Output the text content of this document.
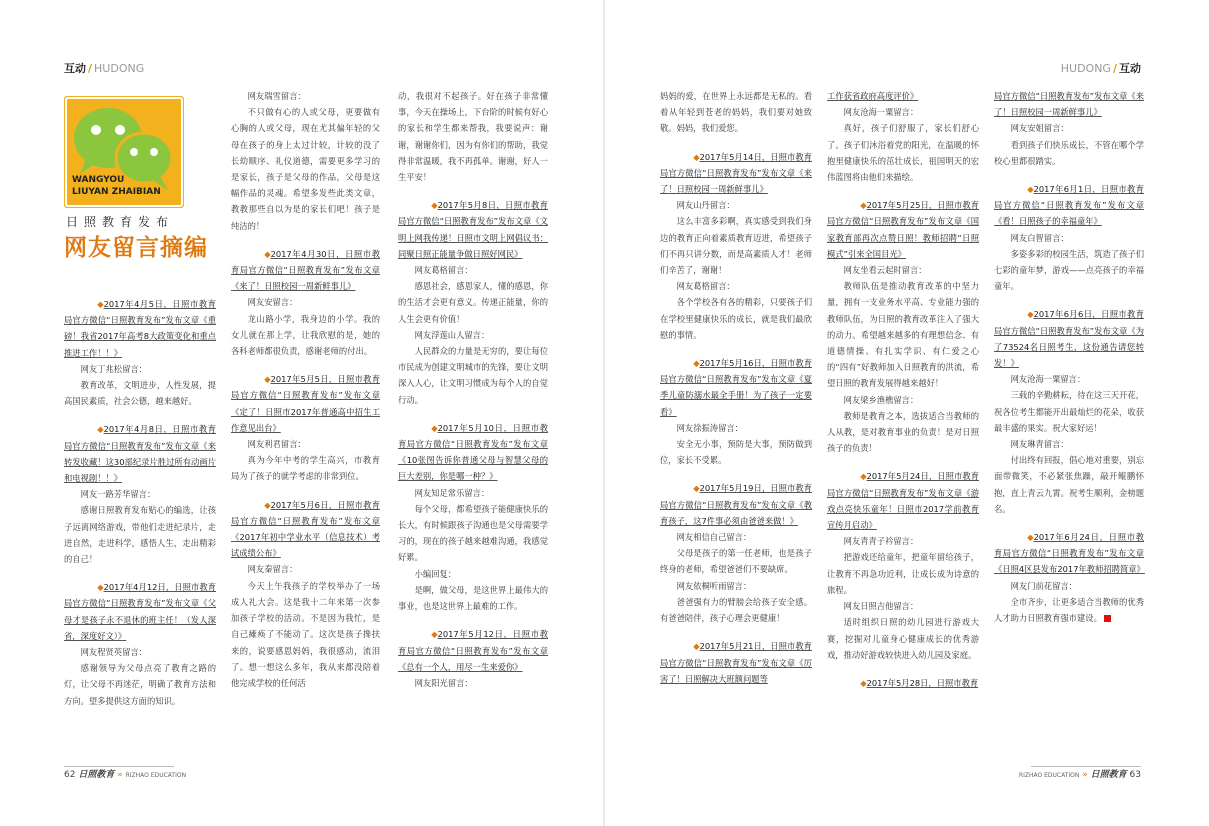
互动 / HUDONG	HUDONG / 互动
WANGYOU
LIUYAN ZHAIBIAN
日照教育发布
网友留言摘编

◆2017年4月5日，日照市教育局官方微信“日照教育发布”发布文章《重磅！我省2017年高考8大政策变化和重点推进工作！！》

网友丁兆松留言：

教育改革，文明进步，人性发展，提高国民素质，社会公德，越来越好。

◆2017年4月8日，日照市教育局官方微信“日照教育发布”发布文章《来转发收藏！这30部纪录片胜过所有动画片和电视剧！！》

网友一路芳华留言：

感谢日照教育发布贴心的编选，让孩子远离网络游戏，带他们走进纪录片，走进自然，走进科学，感悟人生，走出精彩的自己！

◆2017年4月12日，日照市教育局官方微信“日照教育发布”发布文章《父母才是孩子永不退休的班主任！（发人深省，深度好文）》

网友程贤英留言：

感谢领导为父母点亮了教育之路的灯，让父母不再迷茫，明确了教育方法和方向。望多提供这方面的知识。

网友瑞雪留言：

不只做有心的人或父母，更要做有心胸的人或父母，现在尤其偏年轻的父母在孩子的身上太过计较，计较的没了长幼顺序、礼仪道德，需要更多学习的是家长，孩子是父母的作品，父母是这幅作品的灵魂。希望多发些此类文章，教教那些自以为是的家长们吧！孩子是纯洁的！

◆2017年4月30日，日照市教育局官方微信“日照教育发布”发布文章《来了！日照校园一周新鲜事儿》

网友安留言：

龙山路小学，我身边的小学。我的女儿就在那上学，让我欣慰的是，她的各科老师都很负责，感谢老师的付出。

◆2017年5月5日，日照市教育局官方微信“日照教育发布”发布文章《定了！日照市2017年普通高中招生工作意见出台》

网友利君留言：

真为今年中考的学生高兴，市教育局为了孩子的就学考虑的非常到位。

◆2017年5月6日，日照市教育局官方微信“日照教育发布”发布文章《2017年初中学业水平（信息技术）考试成绩公布》

网友秦留言：

今天上午我孩子的学校举办了一场成人礼大会。这是我十二年来第一次参加孩子学校的活动。不是因为我忙，是自己瘫痪了不能动了。这次是孩子搀扶来的，说要感恩妈妈，我很感动，流泪了。想一想这么多年，我从来都没陪着他完成学校的任何活

动，我很对不起孩子。好在孩子非常懂事，今天在操场上，下台阶的时候有好心的家长和学生都来帮我，我要说声：谢谢，谢谢你们，因为有你们的帮助，我觉得非常温暖，我不再孤单。谢谢，好人一生平安！

◆2017年5月8日，日照市教育局官方微信“日照教育发布”发布文章《文明上网我传递！日照市文明上网倡议书：同聚日照正能量争做日照好网民》

网友葛格留言：

感恩社会，感恩家人，懂的感恩，你的生活才会更有意义。传递正能量，你的人生会更有价值！

网友浮莲山人留言：

人民群众的力量是无穷的，要让每位市民成为创建文明城市的先锋，要让文明深入人心，让文明习惯成为每个人的自觉行动。

◆2017年5月10日，日照市教育局官方微信“日照教育发布”发布文章《10张图告诉你普通父母与智慧父母的巨大差别，你是哪一种？》

网友知足常乐留言：

每个父母，都希望孩子能健康快乐的长大，有时候跟孩子沟通也是父母需要学习的，现在的孩子越来越难沟通，我感觉好累。

小编回复：

是啊，做父母，是这世界上最伟大的事业，也是这世界上最难的工作。

◆2017年5月12日，日照市教育局官方微信“日照教育发布”发布文章《总有一个人，用尽一生来爱你》

网友阳光留言：

妈妈的爱，在世界上永远都是无私的。看着从年轻到苍老的妈妈，我们要对她致敬。妈妈，我们爱您。

◆2017年5月14日，日照市教育局官方微信“日照教育发布”发布文章《来了！日照校园一周新鲜事儿》

网友山丹留言：

这么丰富多彩啊，真实感受到我们身边的教育正向着素质教育迈进，希望孩子们不再只讲分数，而是高素质人才！老师们辛苦了，谢谢！

网友葛格留言：

各个学校各有各的精彩，只要孩子们在学校里健康快乐的成长，就是我们最欣慰的事情。

◆2017年5月16日，日照市教育局官方微信“日照教育发布”发布文章《夏季儿童防溺水最全手册！为了孩子一定要看》

网友徐振涛留言：

安全无小事，预防是大事，预防做到位，家长不受累。

◆2017年5月19日，日照市教育局官方微信“日照教育发布”发布文章《教育孩子，这7件事必须由爸爸来做！》

网友相信自己留言：

父母是孩子的第一任老师，也是孩子终身的老师，希望爸爸们不要缺席。

网友依桐听雨留言：

爸爸强有力的臂膀会给孩子安全感。有爸爸陪伴，孩子心理会更健康！

◆2017年5月21日，日照市教育局官方微信“日照教育发布”发布文章《厉害了！日照解决大班额问题等

工作获省政府高度评价》

网友沧海一粟留言：

真好，孩子们舒服了，家长们舒心了。孩子们沐浴着党的阳光，在温暖的怀抱里健康快乐的茁壮成长，祖国明天的宏伟蓝图将由他们来描绘。

◆2017年5月25日，日照市教育局官方微信“日照教育发布”发布文章《国家教育部再次点赞日照！教师招聘“日照模式”引来全国目光》

网友坐看云起时留言：

教师队伍是推动教育改革的中坚力量，拥有一支业务水平高、专业能力强的教师队伍，为日照的教育改革注入了强大的动力。希望越来越多的有理想信念、有道德情操、有扎实学识、有仁爱之心的“四有”好教师加入日照教育的洪流，希望日照的教育发展得越来越好！

网友梁乡渔樵留言：

教师是教育之本，选拔适合当教师的人从教，是对教育事业的负责！是对日照孩子的负责！

◆2017年5月24日，日照市教育局官方微信“日照教育发布”发布文章《游戏点亮快乐童年！日照市2017学前教育宣传月启动》

网友青青子衿留言：

把游戏还给童年，把童年留给孩子，让教育不再急功近利，让成长成为诗意的旅程。

网友日照吉他留言：

适时组织日照的幼儿园进行游戏大赛，挖掘对儿童身心健康成长的优秀游戏，推动好游戏较快进入幼儿园及家庭。

◆2017年5月28日，日照市教育

局官方微信“日照教育发布”发布文章《来了！日照校园一周新鲜事儿》

网友安姐留言：

看到孩子们快乐成长，不管在哪个学校心里都很踏实。

◆2017年6月1日，日照市教育局官方微信“日照教育发布”发布文章《看！日照孩子的幸福童年》

网友白智留言：

多姿多彩的校园生活，筑造了孩子们七彩的童年梦，游戏——点亮孩子的幸福童年。

◆2017年6月6日，日照市教育局官方微信“日照教育发布”发布文章《为了73524名日照考生，这份通告请您转发！》

网友沧海一粟留言：

三载的辛勤耕耘，待在这三天开花，祝各位考生都能开出最灿烂的花朵，收获最丰盛的果实。祝大家好运！

网友琳青留言：

付出终有回报，倡心地对重要，别忘面带微笑，不必紧张焦躁，敲开鲲鹏怀抱，直上青云九霄。祝考生顺利，金榜题名。

◆2017年6月24日，日照市教育局官方微信“日照教育发布”发布文章《日照4区县发布2017年教师招聘简章》

网友门前花留言：

全市齐步，让更多适合当教师的优秀人才助力日照教育强市建设。

62 日照教育 » RIZHAO EDUCATION	RIZHAO EDUCATION » 日照教育 63
